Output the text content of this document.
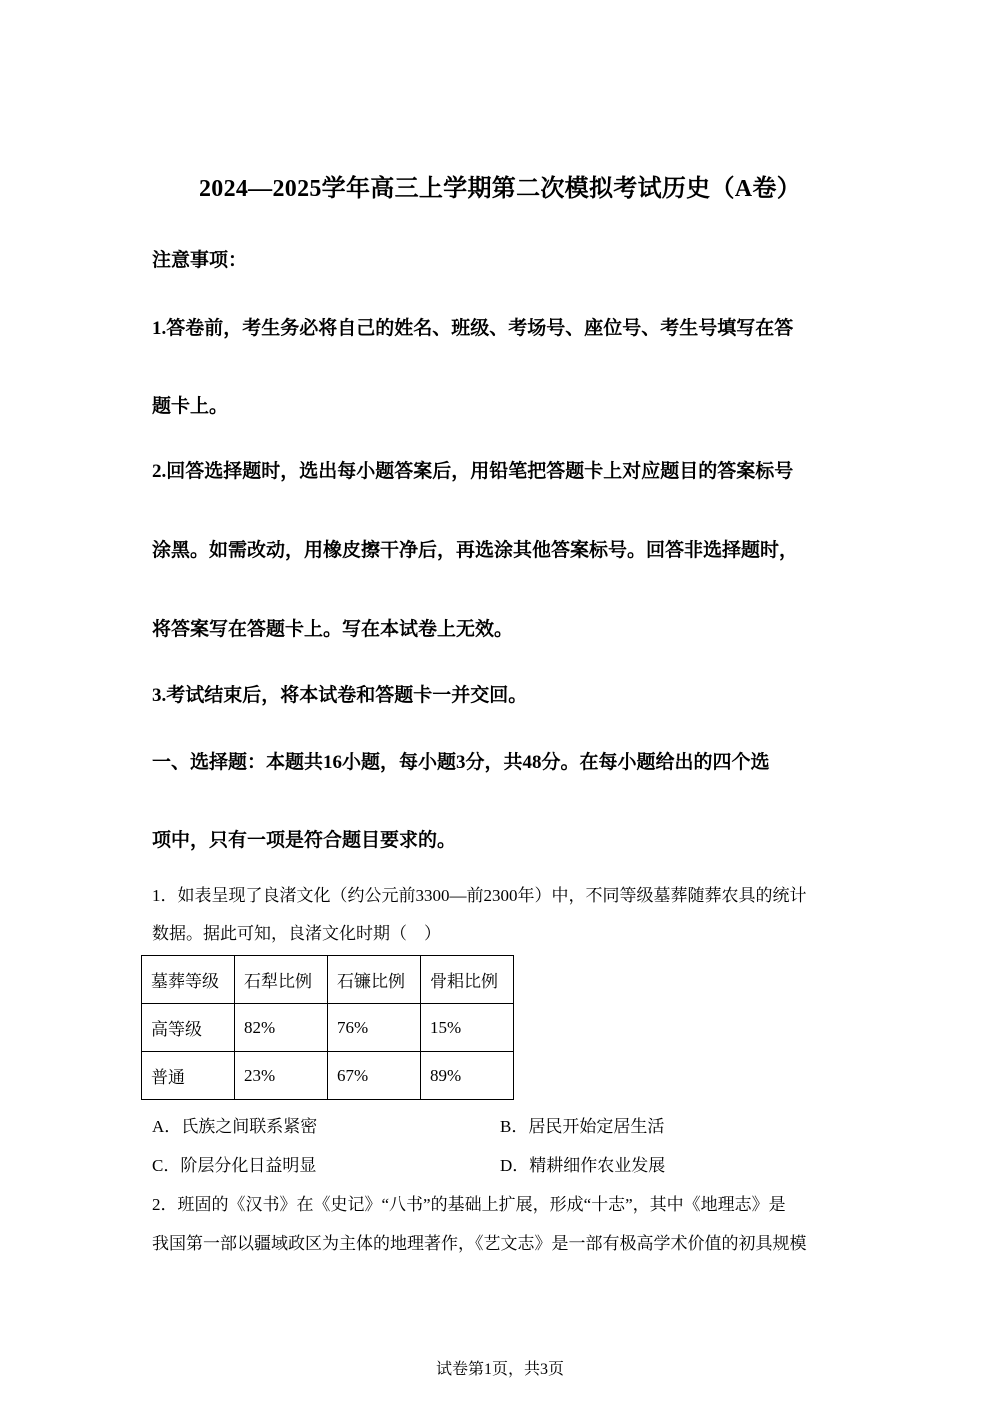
2024—2025学年高三上学期第二次模拟考试历史（A卷）
注意事项：
1.答卷前，考生务必将自己的姓名、班级、考场号、座位号、考生号填写在答
题卡上。
2.回答选择题时，选出每小题答案后，用铅笔把答题卡上对应题目的答案标号
涂黑。如需改动，用橡皮擦干净后，再选涂其他答案标号。回答非选择题时，
将答案写在答题卡上。写在本试卷上无效。
3.考试结束后，将本试卷和答题卡一并交回。
一、选择题：本题共16小题，每小题3分，共48分。在每小题给出的四个选
项中，只有一项是符合题目要求的。
1．如表呈现了良渚文化（约公元前3300—前2300年）中，不同等级墓葬随葬农具的统计
数据。据此可知，良渚文化时期（　）
墓葬等级	石犁比例	石镰比例	骨耜比例
高等级	82%	76%	15%
普通	23%	67%	89%
A．氏族之间联系紧密	B．居民开始定居生活
C．阶层分化日益明显	D．精耕细作农业发展
2．班固的《汉书》在《史记》“八书”的基础上扩展，形成“十志”，其中《地理志》是
我国第一部以疆域政区为主体的地理著作，《艺文志》是一部有极高学术价值的初具规模
试卷第1页，共3页
